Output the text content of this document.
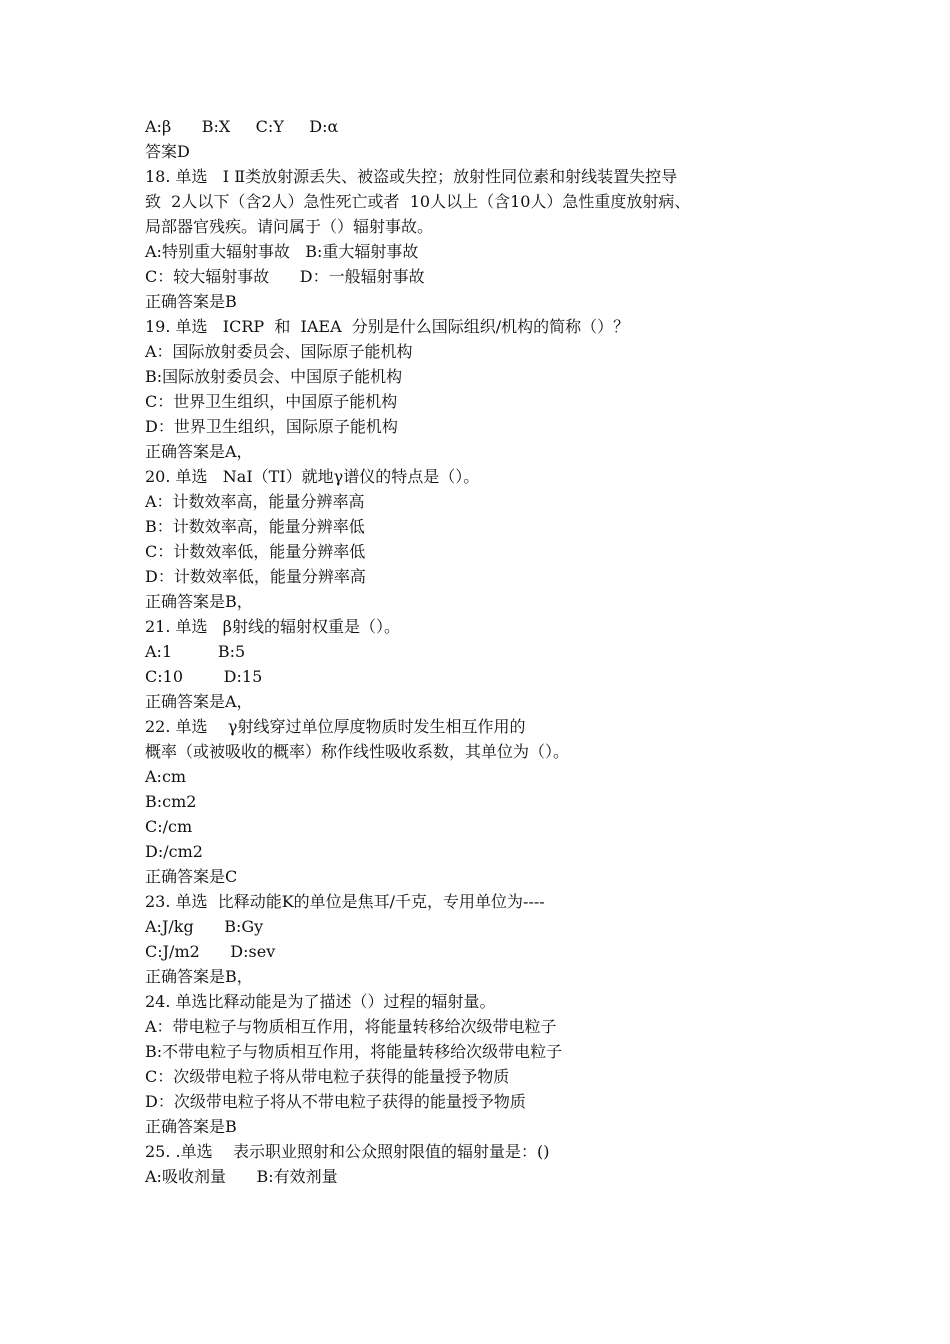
A:β      B:X     C:Y     D:α
答案D
18. 单选   Ⅰ Ⅱ类放射源丢失、被盗或失控；放射性同位素和射线装置失控导
致  2人以下（含2人）急性死亡或者  10人以上（含10人）急性重度放射病、
局部器官残疾。请问属于（）辐射事故。
A:特别重大辐射事故   B:重大辐射事故
C：较大辐射事故      D：一般辐射事故
正确答案是B
19. 单选   ICRP  和  IAEA  分别是什么国际组织/机构的简称（）？
A：国际放射委员会、国际原子能机构
B:国际放射委员会、中国原子能机构
C：世界卫生组织，中国原子能机构
D：世界卫生组织，国际原子能机构
正确答案是A，
20. 单选   NaI（TI）就地γ谱仪的特点是（）。
A：计数效率高，能量分辨率高
B：计数效率高，能量分辨率低
C：计数效率低，能量分辨率低
D：计数效率低，能量分辨率高
正确答案是B，
21. 单选   β射线的辐射权重是（）。
A:1         B:5
C:10        D:15
正确答案是A，
22. 单选    γ射线穿过单位厚度物质时发生相互作用的
概率（或被吸收的概率）称作线性吸收系数，其单位为（）。
A:cm
B:cm2
C:/cm
D:/cm2
正确答案是C
23. 单选  比释动能K的单位是焦耳/千克，专用单位为----
A:J/kg      B:Gy
C:J/m2      D:sev
正确答案是B，
24. 单选比释动能是为了描述（）过程的辐射量。
A：带电粒子与物质相互作用，将能量转移给次级带电粒子
B:不带电粒子与物质相互作用，将能量转移给次级带电粒子
C：次级带电粒子将从带电粒子获得的能量授予物质
D：次级带电粒子将从不带电粒子获得的能量授予物质
正确答案是B
25. .单选    表示职业照射和公众照射限值的辐射量是：()
A:吸收剂量      B:有效剂量
